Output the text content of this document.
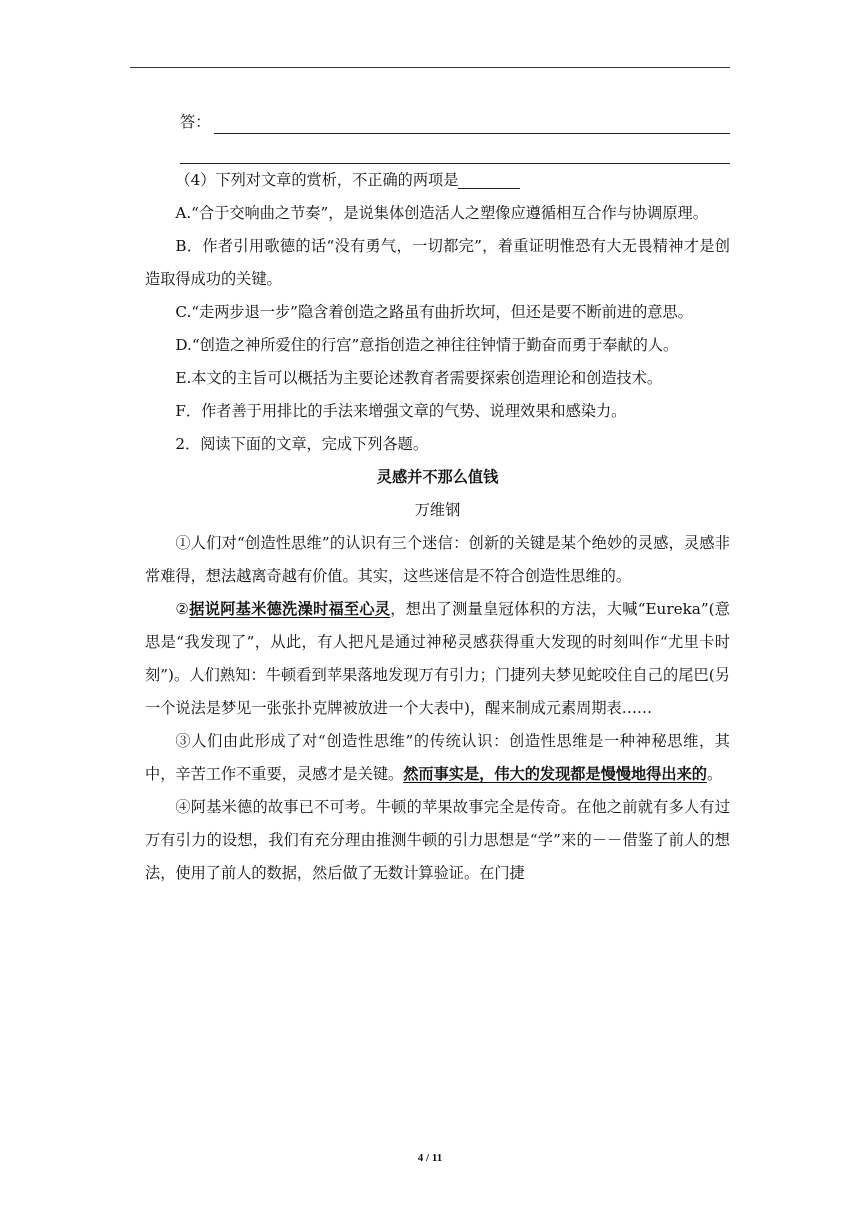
答：

（4）下列对文章的赏析，不正确的两项是

A.“合于交响曲之节奏”，是说集体创造活人之塑像应遵循相互合作与协调原理。

B．作者引用歌德的话“没有勇气，一切都完”，着重证明惟恐有大无畏精神才是创造取得成功的关键。

C.“走两步退一步”隐含着创造之路虽有曲折坎坷，但还是要不断前进的意思。

D.“创造之神所爱住的行宫”意指创造之神往往钟情于勤奋而勇于奉献的人。

E.本文的主旨可以概括为主要论述教育者需要探索创造理论和创造技术。

F．作者善于用排比的手法来增强文章的气势、说理效果和感染力。

2．阅读下面的文章，完成下列各题。

灵感并不那么值钱

万维钢

①人们对“创造性思维”的认识有三个迷信：创新的关键是某个绝妙的灵感，灵感非常难得，想法越离奇越有价值。其实，这些迷信是不符合创造性思维的。

②据说阿基米德洗澡时福至心灵，想出了测量皇冠体积的方法，大喊“Eureka”(意思是“我发现了”，从此，有人把凡是通过神秘灵感获得重大发现的时刻叫作“尤里卡时刻”)。人们熟知：牛顿看到苹果落地发现万有引力；门捷列夫梦见蛇咬住自己的尾巴(另一个说法是梦见一张张扑克牌被放进一个大表中)，醒来制成元素周期表……

③人们由此形成了对“创造性思维”的传统认识：创造性思维是一种神秘思维，其中，辛苦工作不重要，灵感才是关键。然而事实是，伟大的发现都是慢慢地得出来的。

④阿基米德的故事已不可考。牛顿的苹果故事完全是传奇。在他之前就有多人有过万有引力的设想，我们有充分理由推测牛顿的引力思想是“学”来的－－借鉴了前人的想法，使用了前人的数据，然后做了无数计算验证。在门捷

4 / 11
